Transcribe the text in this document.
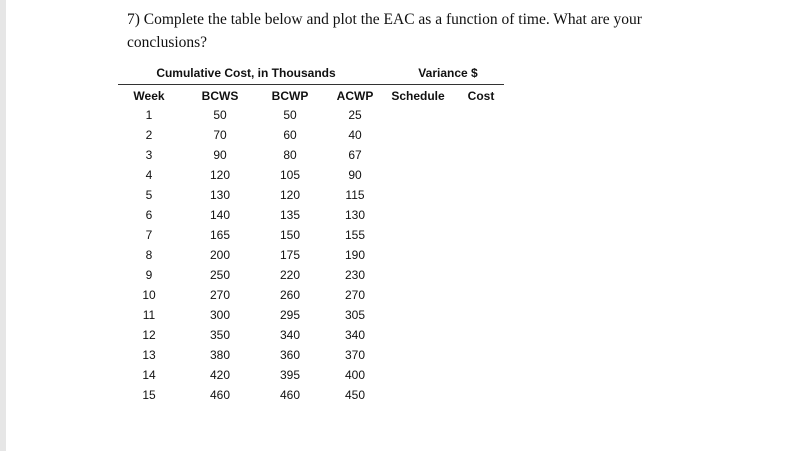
7) Complete the table below and plot the EAC as a function of time. What are your
conclusions?
Cumulative Cost, in Thousands	Variance $
Week	BCWS	BCWP	ACWP	Schedule	Cost
1	50	50	25
2	70	60	40
3	90	80	67
4	120	105	90
5	130	120	115
6	140	135	130
7	165	150	155
8	200	175	190
9	250	220	230
10	270	260	270
11	300	295	305
12	350	340	340
13	380	360	370
14	420	395	400
15	460	460	450
